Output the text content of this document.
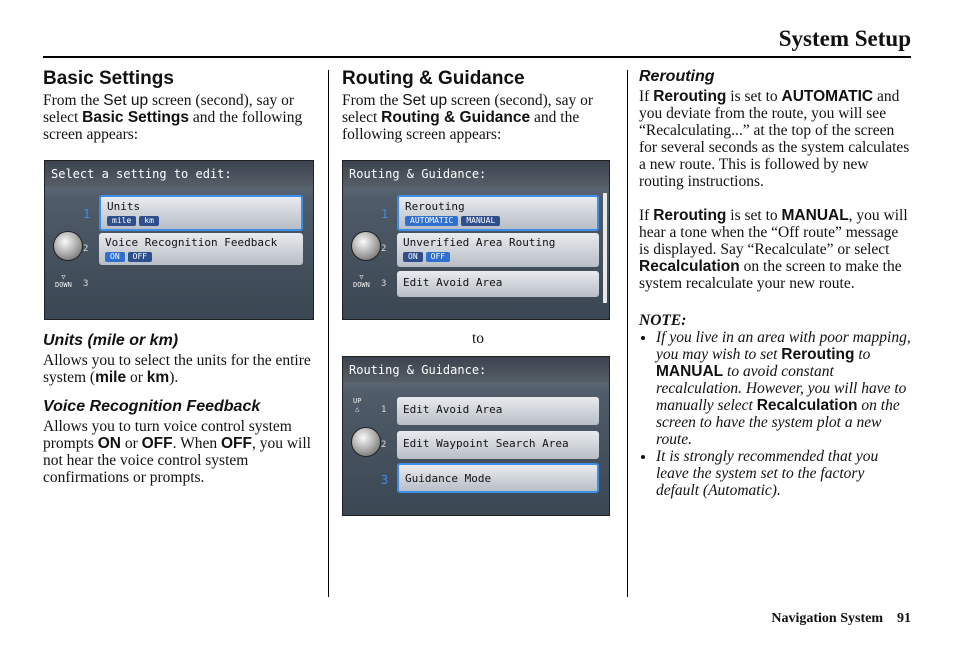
System Setup
Basic Settings

From the Set up screen (second), say or select Basic Settings and the following screen appears:

Select a setting to edit:
▽
DOWN
1
2
3
Units
mile km
Voice Recognition Feedback
ON OFF
Units (mile or km)

Allows you to select the units for the entire system (mile or km).

Voice Recognition Feedback

Allows you to turn voice control system prompts ON or OFF. When OFF, you will not hear the voice control system confirmations or prompts.

Routing & Guidance

From the Set up screen (second), say or select Routing & Guidance and the following screen appears:

Routing & Guidance:
▽
DOWN
1
2
3
Rerouting
AUTOMATIC MANUAL
Unverified Area Routing
ON OFF
Edit Avoid Area

to

Routing & Guidance:
UP
△ 1
2
3
Edit Avoid Area
Edit Waypoint Search Area
Guidance Mode
Rerouting

If Rerouting is set to AUTOMATIC and you deviate from the route, you will see “Recalculating...” at the top of the screen for several seconds as the system calculates a new route. This is followed by new routing instructions.

If Rerouting is set to MANUAL, you will hear a tone when the “Off route” message is displayed. Say “Recalculate” or select Recalculation on the screen to make the system recalculate your new route.

NOTE:

• If you live in an area with poor mapping, you may wish to set Rerouting to MANUAL to avoid constant recalculation. However, you will have to manually select Recalculation on the screen to have the system plot a new route.
• It is strongly recommended that you leave the system set to the factory default (Automatic).
Navigation System 91
